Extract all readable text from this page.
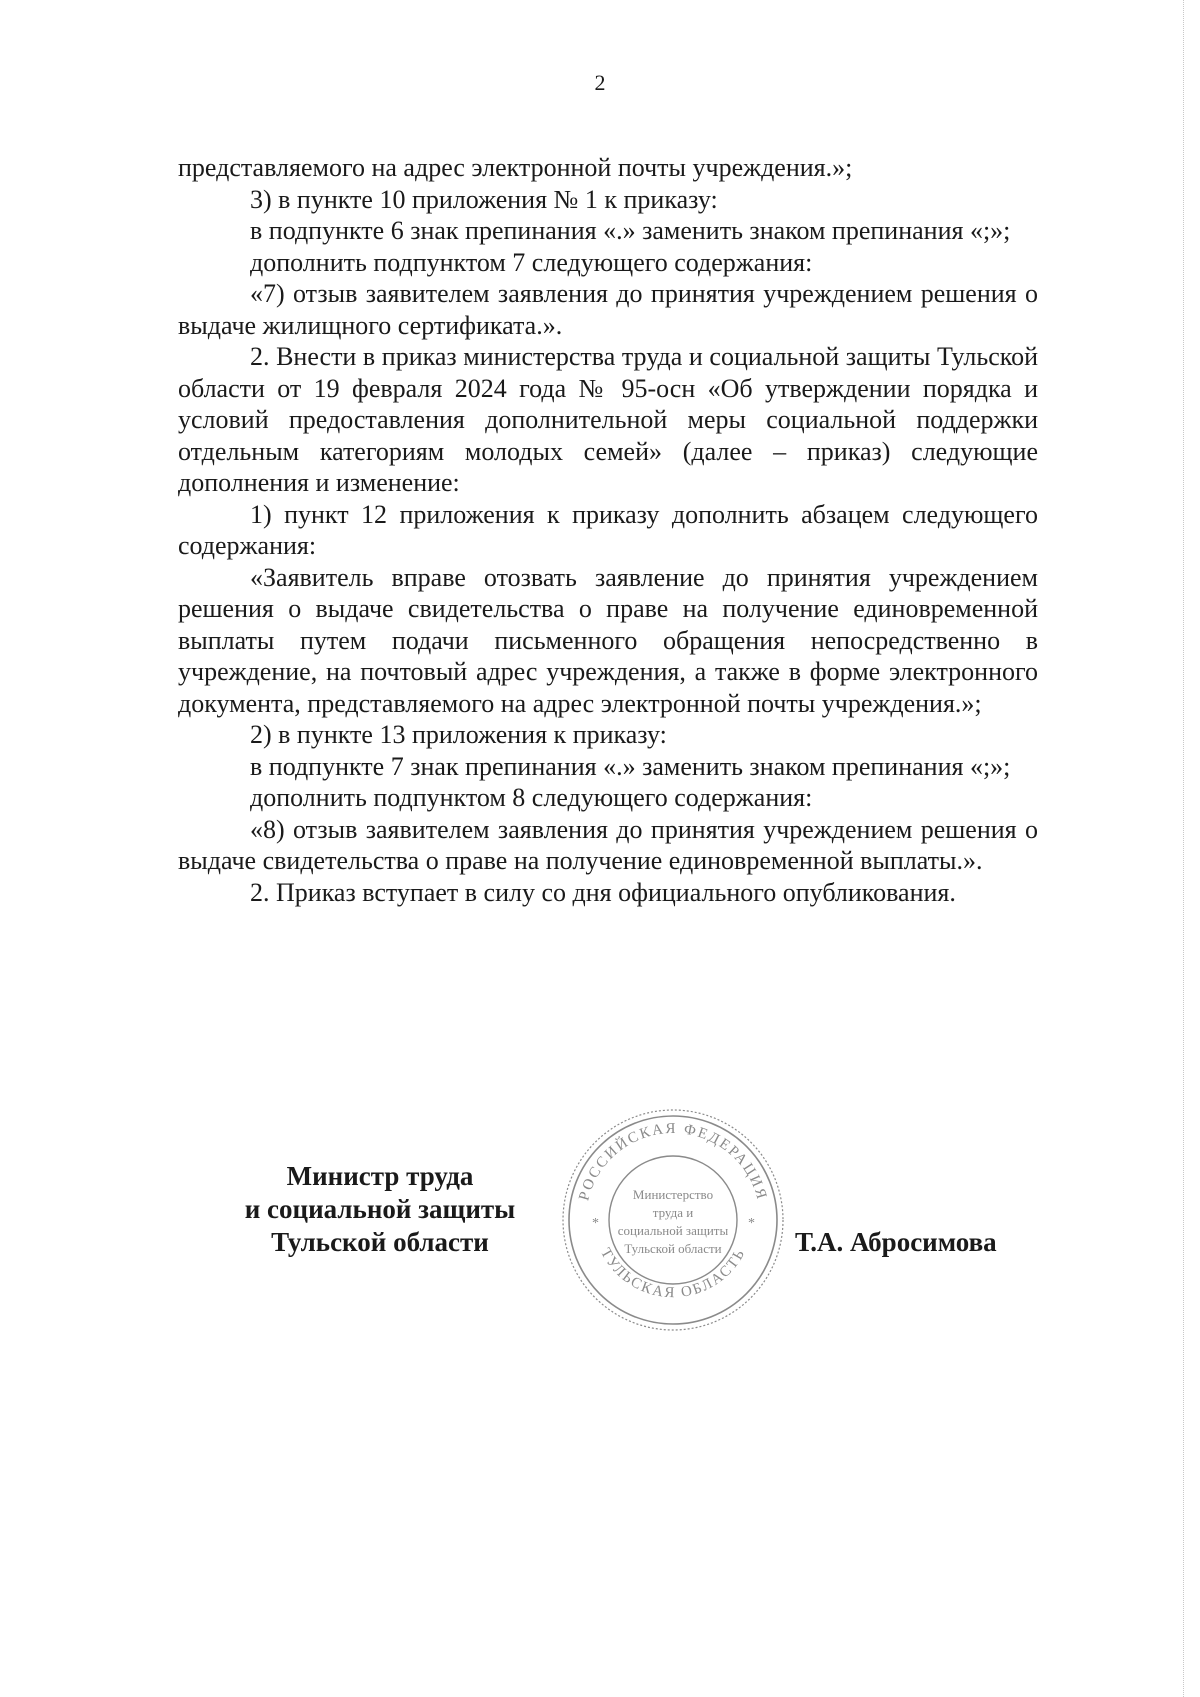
2

представляемого на адрес электронной почты учреждения.»;

3) в пункте 10 приложения № 1 к приказу:

в подпункте 6 знак препинания «.» заменить знаком препинания «;»;

дополнить подпунктом 7 следующего содержания:

«7) отзыв заявителем заявления до принятия учреждением решения о выдаче жилищного сертификата.».

2. Внести в приказ министерства труда и социальной защиты Тульской области от 19 февраля 2024 года № 95-осн «Об утверждении порядка и условий предоставления дополнительной меры социальной поддержки отдельным категориям молодых семей» (далее – приказ) следующие дополнения и изменение:

1) пункт 12 приложения к приказу дополнить абзацем следующего содержания:

«Заявитель вправе отозвать заявление до принятия учреждением решения о выдаче свидетельства о праве на получение единовременной выплаты путем подачи письменного обращения непосредственно в учреждение, на почтовый адрес учреждения, а также в форме электронного документа, представляемого на адрес электронной почты учреждения.»;

2) в пункте 13 приложения к приказу:

в подпункте 7 знак препинания «.» заменить знаком препинания «;»;

дополнить подпунктом 8 следующего содержания:

«8) отзыв заявителем заявления до принятия учреждением решения о выдаче свидетельства о праве на получение единовременной выплаты.».

2. Приказ вступает в силу со дня официального опубликования.

Министр труда
и социальной защиты
Тульской области
РОССИЙСКАЯ ФЕДЕРАЦИЯ
ТУЛЬСКАЯ ОБЛАСТЬ
*	*
Министерство
труда и
социальной защиты
Тульской области	Т.А. Абросимова
